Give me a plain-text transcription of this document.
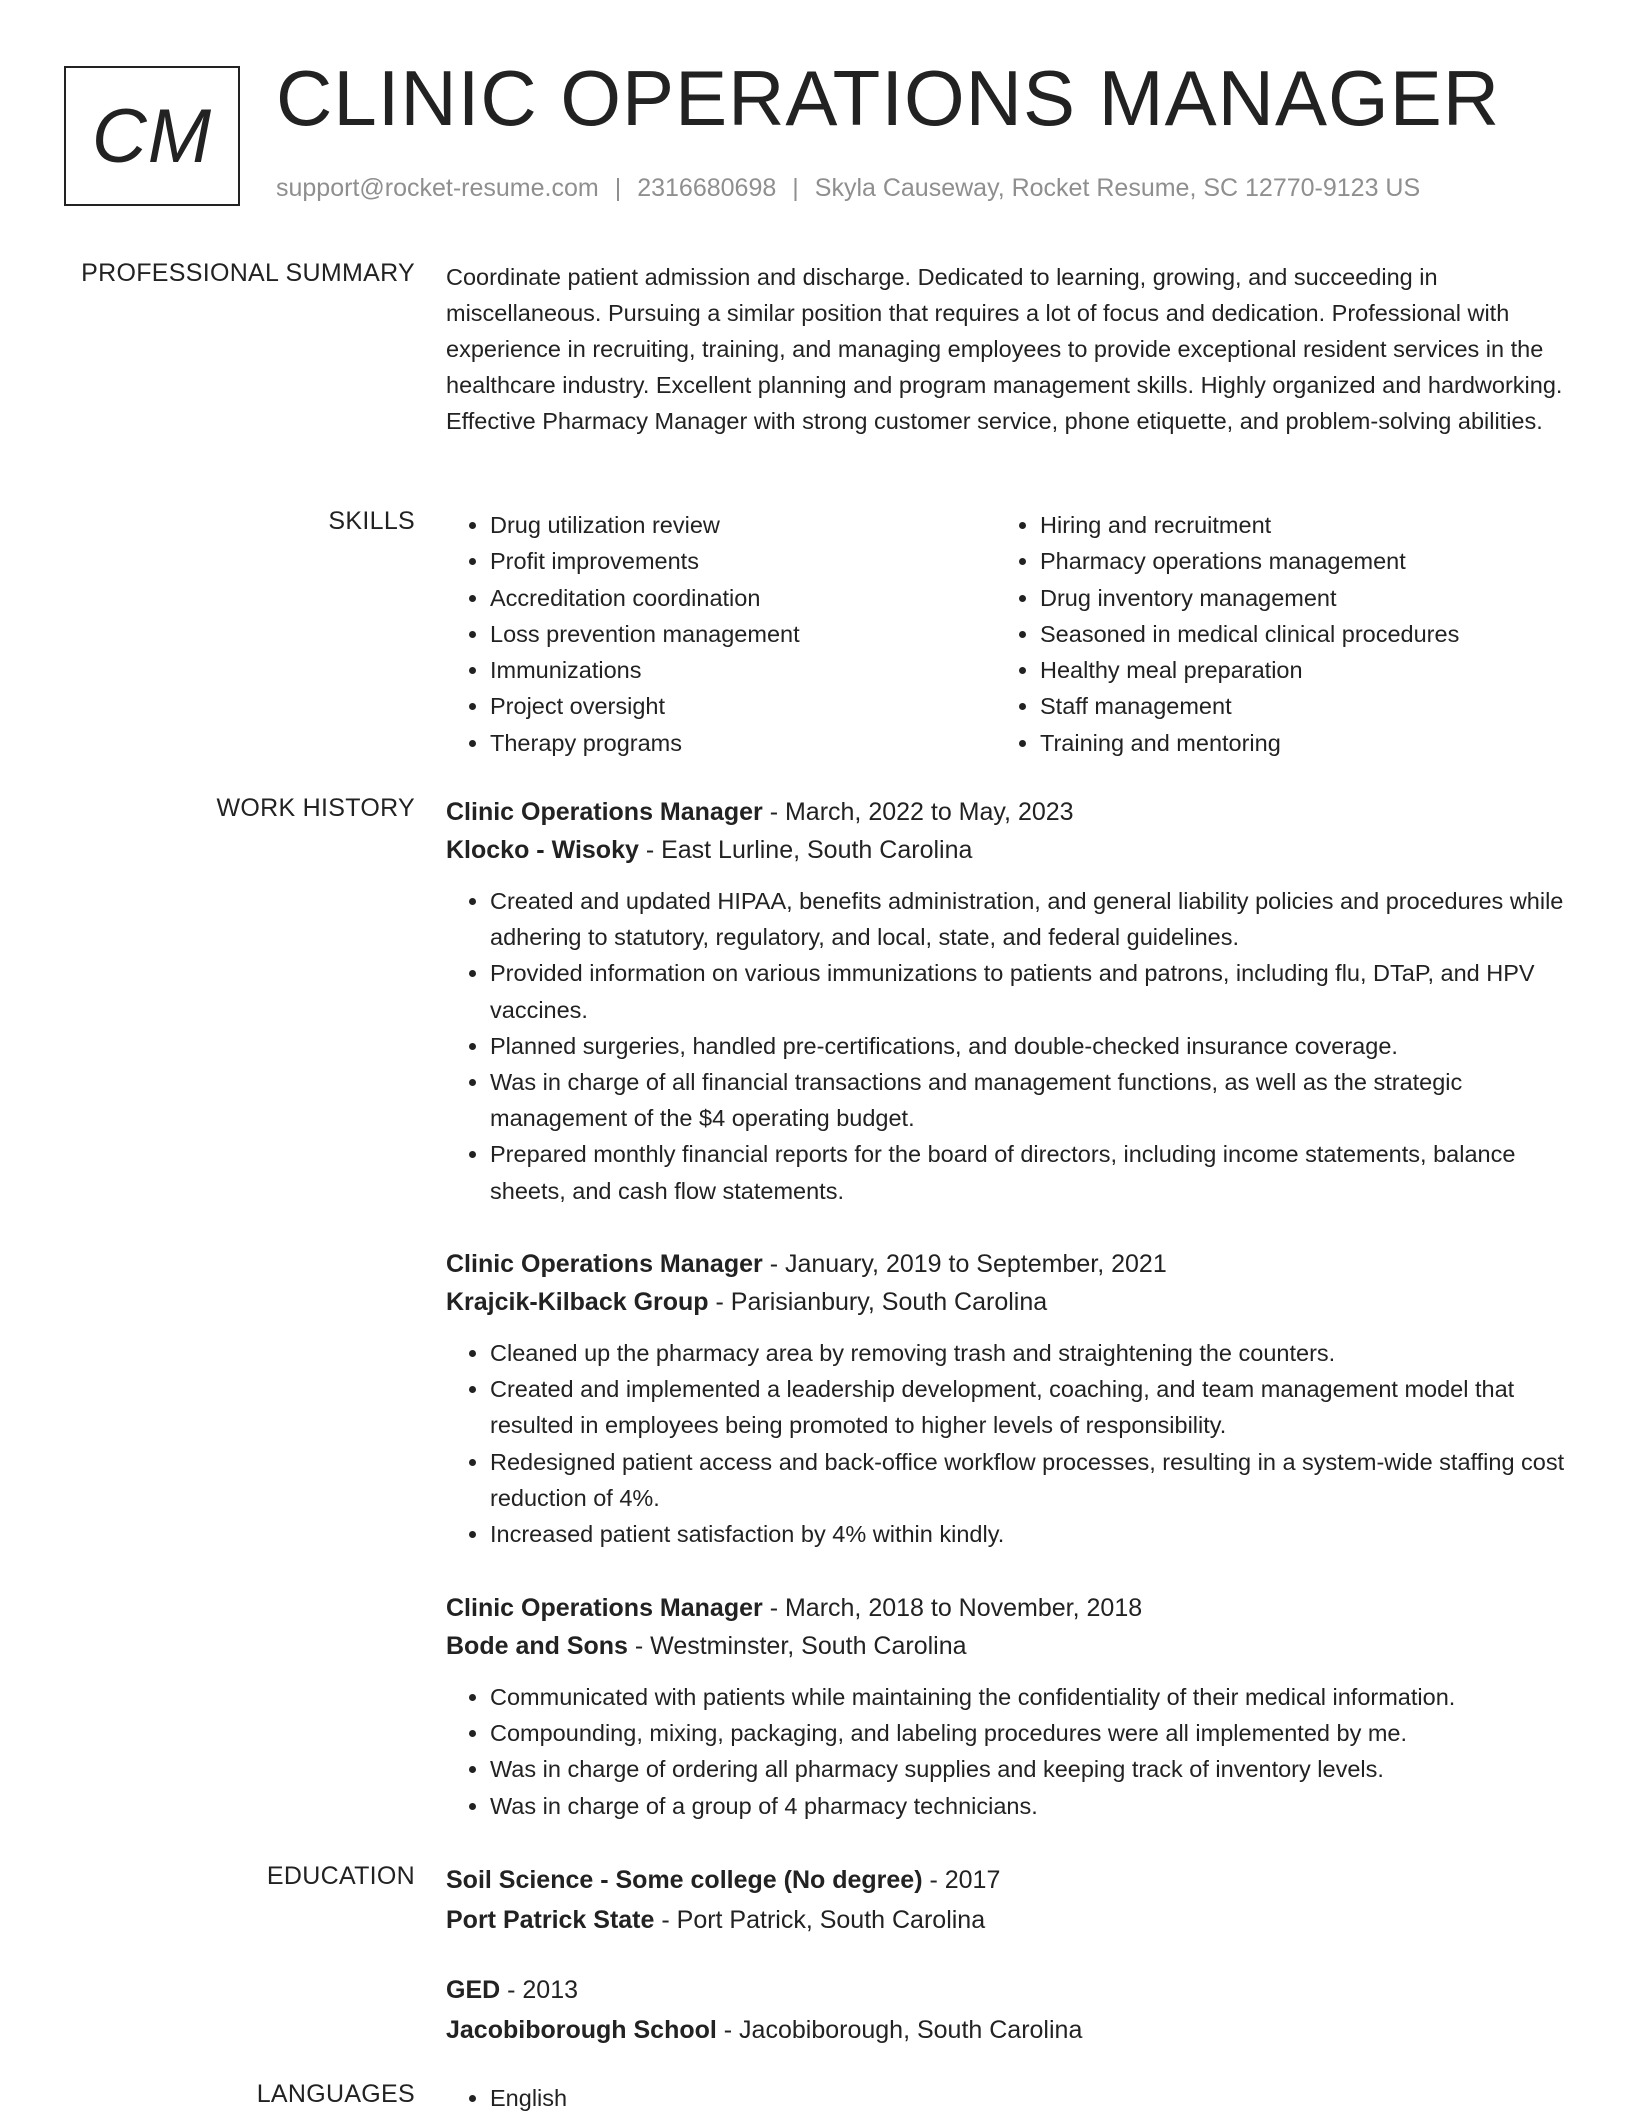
CM CLINIC OPERATIONS MANAGER
support@rocket-resume.com | 2316680698 | Skyla Causeway, Rocket Resume, SC 12770-9123 US
PROFESSIONAL SUMMARY Coordinate patient admission and discharge. Dedicated to learning, growing, and succeeding in miscellaneous. Pursuing a similar position that requires a lot of focus and dedication. Professional with experience in recruiting, training, and managing employees to provide exceptional resident services in the healthcare industry. Excellent planning and program management skills. Highly organized and hardworking. Effective Pharmacy Manager with strong customer service, phone etiquette, and problem-solving abilities.

SKILLS	• Drug utilization review
• Profit improvements
• Accreditation coordination
• Loss prevention management
• Immunizations
• Project oversight
• Therapy programs
• Hiring and recruitment
• Pharmacy operations management
• Drug inventory management
• Seasoned in medical clinical procedures
• Healthy meal preparation
• Staff management
• Training and mentoring
WORK HISTORY Clinic Operations Manager - March, 2022 to May, 2023
Klocko - Wisoky - East Lurline, South Carolina
• Created and updated HIPAA, benefits administration, and general liability policies and procedures while adhering to statutory, regulatory, and local, state, and federal guidelines.
• Provided information on various immunizations to patients and patrons, including flu, DTaP, and HPV vaccines.
• Planned surgeries, handled pre-certifications, and double-checked insurance coverage.
• Was in charge of all financial transactions and management functions, as well as the strategic management of the $4 operating budget.
• Prepared monthly financial reports for the board of directors, including income statements, balance sheets, and cash flow statements.
Clinic Operations Manager - January, 2019 to September, 2021
Krajcik-Kilback Group - Parisianbury, South Carolina
• Cleaned up the pharmacy area by removing trash and straightening the counters.
• Created and implemented a leadership development, coaching, and team management model that resulted in employees being promoted to higher levels of responsibility.
• Redesigned patient access and back-office workflow processes, resulting in a system-wide staffing cost reduction of 4%.
• Increased patient satisfaction by 4% within kindly.
Clinic Operations Manager - March, 2018 to November, 2018
Bode and Sons - Westminster, South Carolina
• Communicated with patients while maintaining the confidentiality of their medical information.
• Compounding, mixing, packaging, and labeling procedures were all implemented by me.
• Was in charge of ordering all pharmacy supplies and keeping track of inventory levels.
• Was in charge of a group of 4 pharmacy technicians.
EDUCATION Soil Science - Some college (No degree) - 2017
Port Patrick State - Port Patrick, South Carolina
GED - 2013
Jacobiborough School - Jacobiborough, South Carolina
LANGUAGES	• English
